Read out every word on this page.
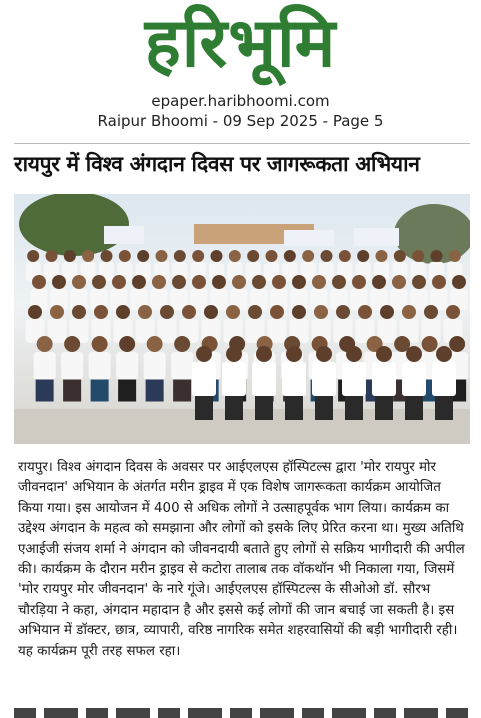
हरिभूमि
epaper.haribhoomi.com
Raipur Bhoomi - 09 Sep 2025 - Page 5
रायपुर में विश्व अंगदान दिवस पर जागरूकता अभियान

रायपुर। विश्व अंगदान दिवस के अवसर पर आईएलएस हॉस्पिटल्स द्वारा 'मोर रायपुर मोर जीवनदान' अभियान के अंतर्गत मरीन ड्राइव में एक विशेष जागरूकता कार्यक्रम आयोजित किया गया। इस आयोजन में 400 से अधिक लोगों ने उत्साहपूर्वक भाग लिया। कार्यक्रम का उद्देश्य अंगदान के महत्व को समझाना और लोगों को इसके लिए प्रेरित करना था। मुख्य अतिथि एआईजी संजय शर्मा ने अंगदान को जीवनदायी बताते हुए लोगों से सक्रिय भागीदारी की अपील की। कार्यक्रम के दौरान मरीन ड्राइव से कटोरा तालाब तक वॉकथॉन भी निकाला गया, जिसमें 'मोर रायपुर मोर जीवनदान' के नारे गूंजे। आईएलएस हॉस्पिटल्स के सीओओ डॉ. सौरभ चौरड़िया ने कहा, अंगदान महादान है और इससे कई लोगों की जान बचाई जा सकती है। इस अभियान में डॉक्टर, छात्र, व्यापारी, वरिष्ठ नागरिक समेत शहरवासियों की बड़ी भागीदारी रही। यह कार्यक्रम पूरी तरह सफल रहा।
